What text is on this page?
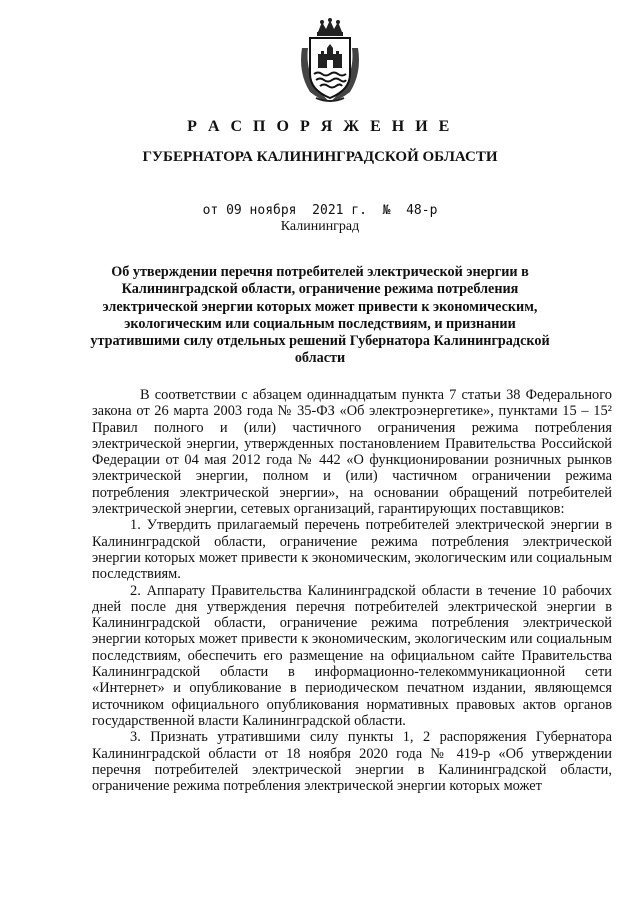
Р А С П О Р Я Ж Е Н И Е
ГУБЕРНАТОРА КАЛИНИНГРАДСКОЙ ОБЛАСТИ
от 09 ноября  2021 г.  №  48-р
Калининград
Об утверждении перечня потребителей электрической энергии в Калининградской области, ограничение режима потребления электрической энергии которых может привести к экономическим, экологическим или социальным последствиям, и признании утратившими силу отдельных решений Губернатора Калининградской области

В соответствии с абзацем одиннадцатым пункта 7 статьи 38 Федерального закона от 26 марта 2003 года № 35-ФЗ «Об электроэнергетике», пунктами 15 – 15² Правил полного и (или) частичного ограничения режима потребления электрической энергии, утвержденных постановлением Правительства Российской Федерации от 04 мая 2012 года № 442 «О функционировании розничных рынков электрической энергии, полном и (или) частичном ограничении режима потребления электрической энергии», на основании обращений потребителей электрической энергии, сетевых организаций, гарантирующих поставщиков:

1. Утвердить прилагаемый перечень потребителей электрической энергии в Калининградской области, ограничение режима потребления электрической энергии которых может привести к экономическим, экологическим или социальным последствиям.

2. Аппарату Правительства Калининградской области в течение 10 рабочих дней после дня утверждения перечня потребителей электрической энергии в Калининградской области, ограничение режима потребления электрической энергии которых может привести к экономическим, экологическим или социальным последствиям, обеспечить его размещение на официальном сайте Правительства Калининградской области в информационно-телекоммуникационной сети «Интернет» и опубликование в периодическом печатном издании, являющемся источником официального опубликования нормативных правовых актов органов государственной власти Калининградской области.

3. Признать утратившими силу пункты 1, 2 распоряжения Губернатора Калининградской области от 18 ноября 2020 года № 419-р «Об утверждении перечня потребителей электрической энергии в Калининградской области, ограничение режима потребления электрической энергии которых может
